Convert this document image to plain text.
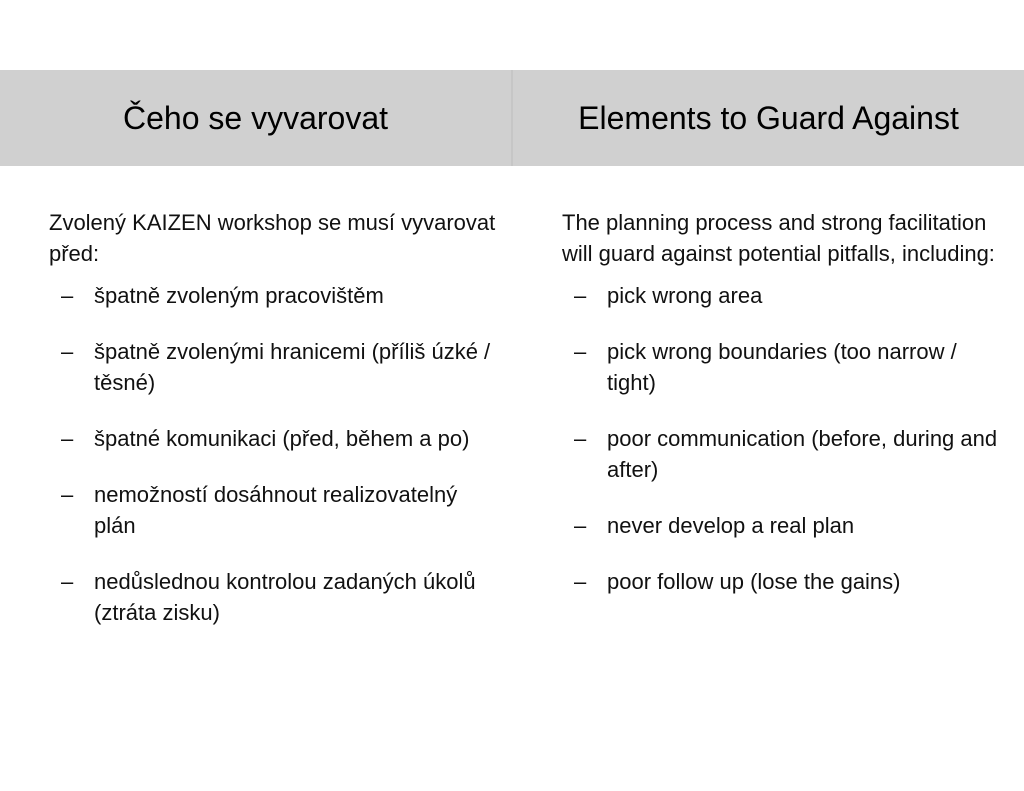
Čeho se vyvarovat	Elements to Guard Against

Zvolený KAIZEN workshop se musí vyvarovat před:

– špatně zvoleným pracovištěm
– špatně zvolenými hranicemi (příliš úzké / těsné)
– špatné komunikaci (před, během a po)
– nemožností dosáhnout realizovatelný plán
– nedůslednou kontrolou zadaných úkolů (ztráta zisku)

The planning process and strong facilitation will guard against potential pitfalls, including:

– pick wrong area
– pick wrong boundaries (too narrow / tight)
– poor communication (before, during and after)
– never develop a real plan
– poor follow up (lose the gains)
